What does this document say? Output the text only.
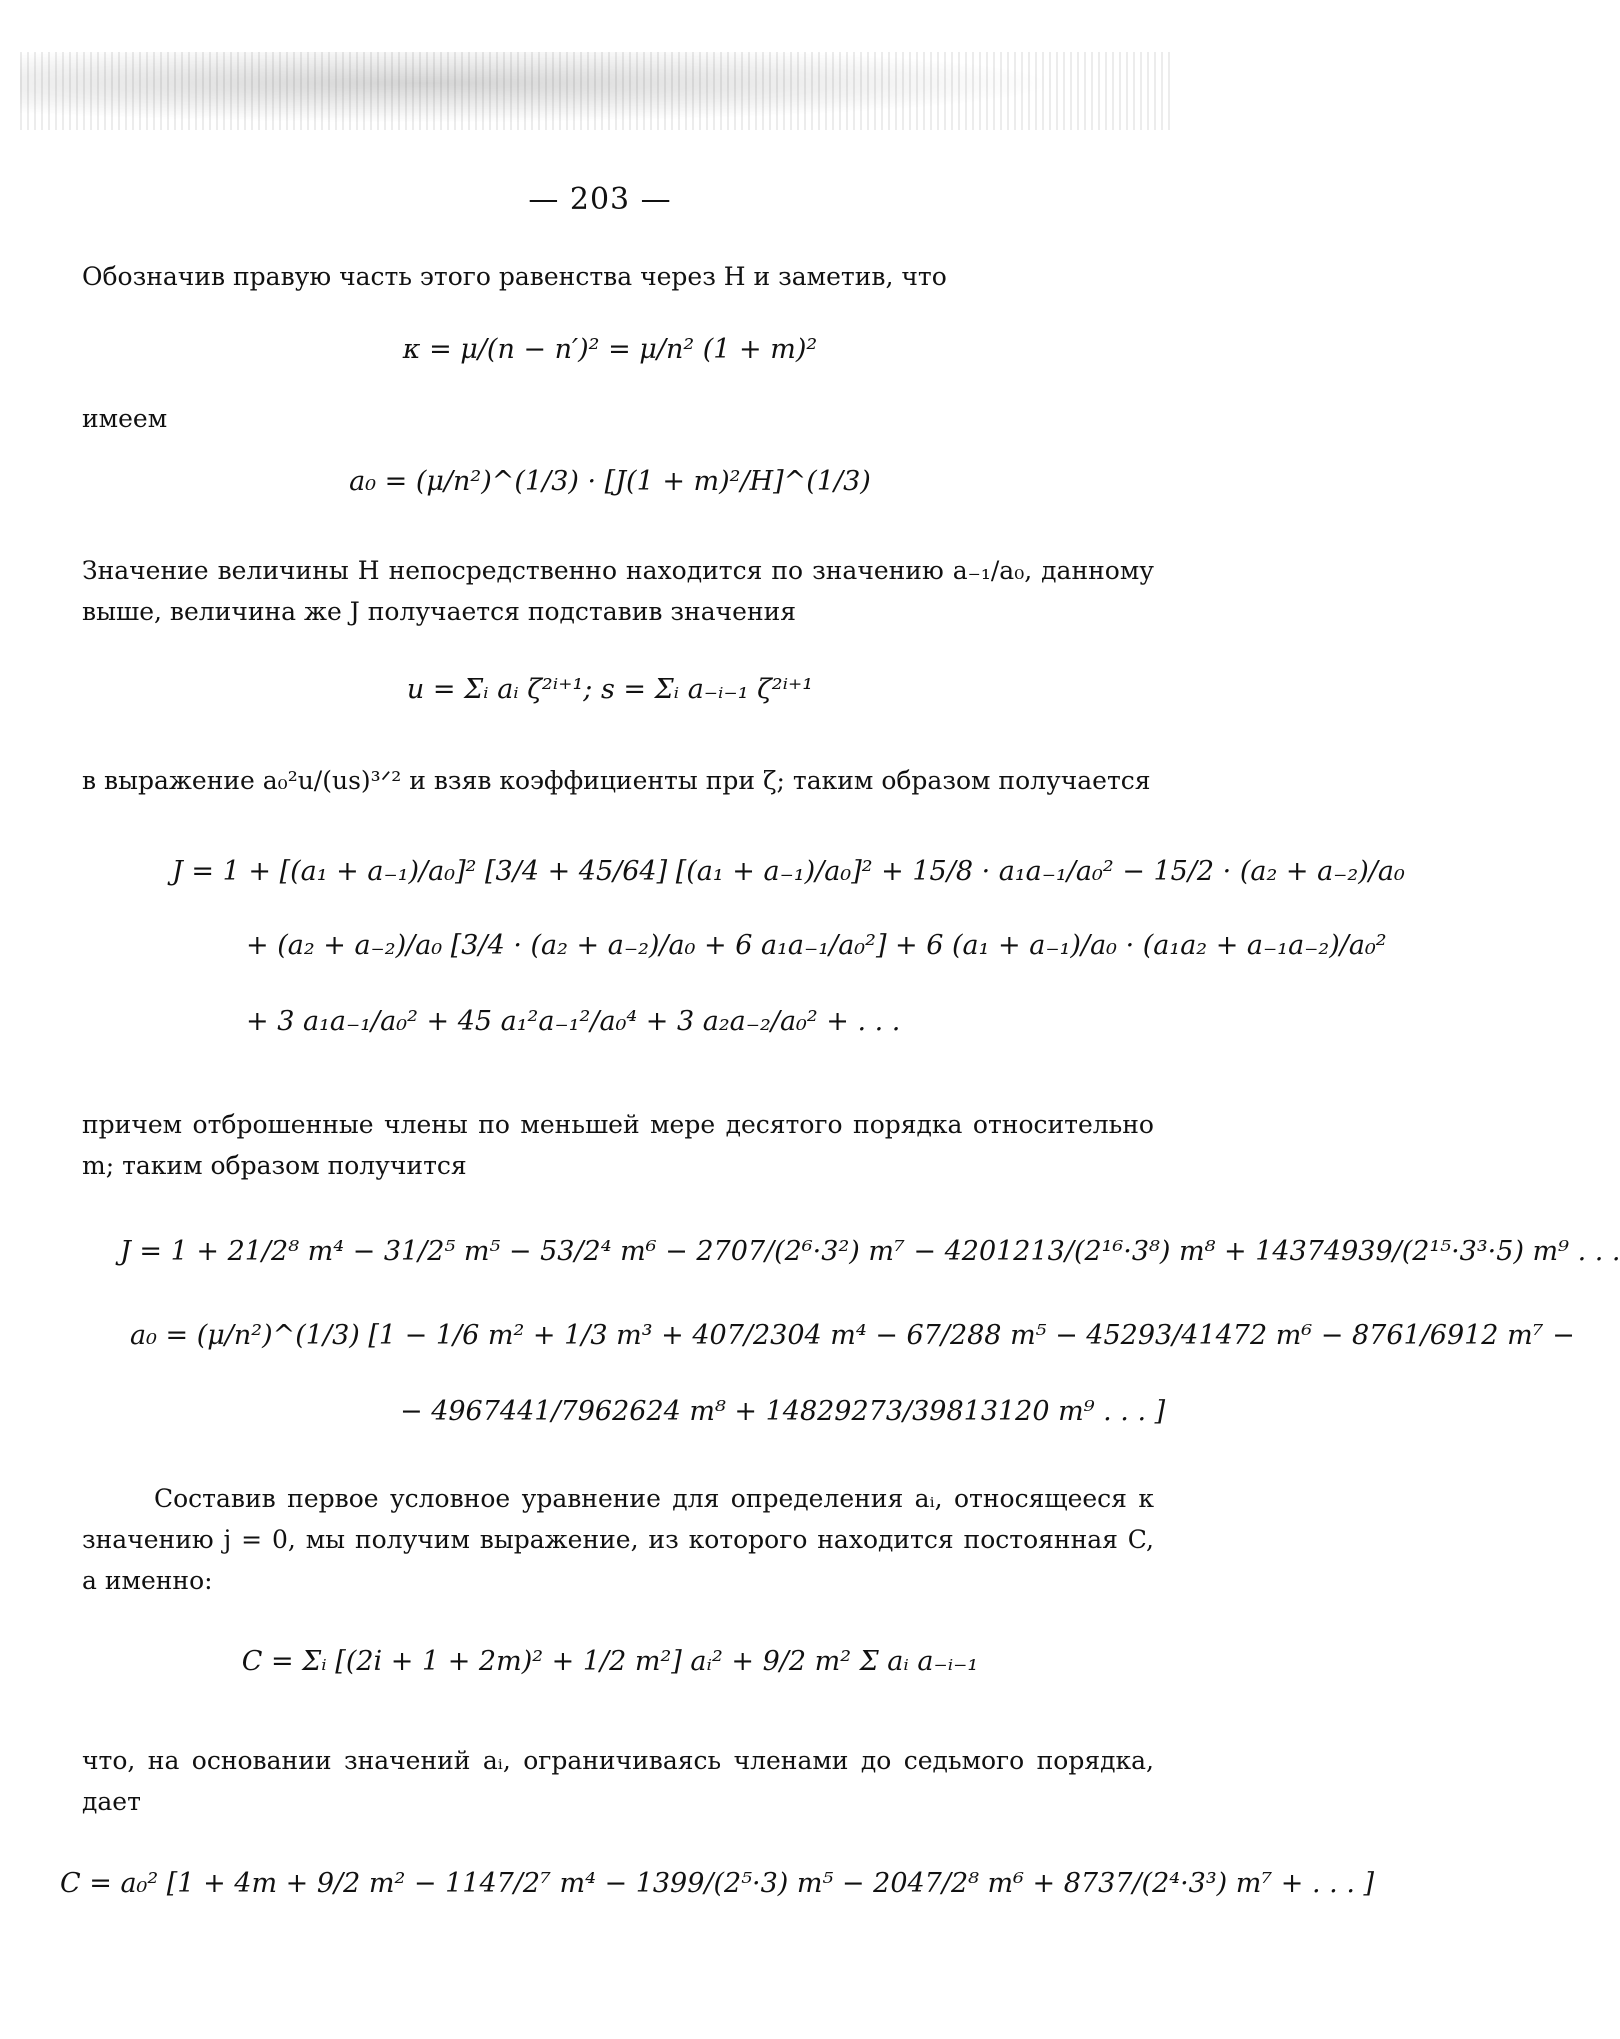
— 203 —
Обозначив правую часть этого равенства через H и заметив, что
κ = μ/(n − n′)² = μ/n² (1 + m)²
имеем
a₀ = (μ/n²)^(1/3) · [J(1 + m)²/H]^(1/3)
Значение величины H непосредственно находится по значению a₋₁/a₀, данному выше, величина же J получается подставив значения
u = Σᵢ aᵢ ζ²ⁱ⁺¹; s = Σᵢ a₋ᵢ₋₁ ζ²ⁱ⁺¹
в выражение a₀²u/(us)³ᐟ² и взяв коэффициенты при ζ; таким образом получается
J = 1 + [(a₁ + a₋₁)/a₀]² [3/4 + 45/64] [(a₁ + a₋₁)/a₀]² + 15/8 · a₁a₋₁/a₀² − 15/2 · (a₂ + a₋₂)/a₀
+ (a₂ + a₋₂)/a₀ [3/4 · (a₂ + a₋₂)/a₀ + 6 a₁a₋₁/a₀²] + 6 (a₁ + a₋₁)/a₀ · (a₁a₂ + a₋₁a₋₂)/a₀²
+ 3 a₁a₋₁/a₀² + 45 a₁²a₋₁²/a₀⁴ + 3 a₂a₋₂/a₀² + . . .
причем отброшенные члены по меньшей мере десятого порядка относительно m; таким образом получится
J = 1 + 21/2⁸ m⁴ − 31/2⁵ m⁵ − 53/2⁴ m⁶ − 2707/(2⁶·3²) m⁷ − 4201213/(2¹⁶·3⁸) m⁸ + 14374939/(2¹⁵·3³·5) m⁹ . . .
a₀ = (μ/n²)^(1/3) [1 − 1/6 m² + 1/3 m³ + 407/2304 m⁴ − 67/288 m⁵ − 45293/41472 m⁶ − 8761/6912 m⁷ −
− 4967441/7962624 m⁸ + 14829273/39813120 m⁹ . . . ]
Составив первое условное уравнение для определения aᵢ, относящееся к значению j = 0, мы получим выражение, из которого находится постоянная C, а именно:
C = Σᵢ [(2i + 1 + 2m)² + 1/2 m²] aᵢ² + 9/2 m² Σ aᵢ a₋ᵢ₋₁
что, на основании значений aᵢ, ограничиваясь членами до седьмого порядка, дает
C = a₀² [1 + 4m + 9/2 m² − 1147/2⁷ m⁴ − 1399/(2⁵·3) m⁵ − 2047/2⁸ m⁶ + 8737/(2⁴·3³) m⁷ + . . . ]
